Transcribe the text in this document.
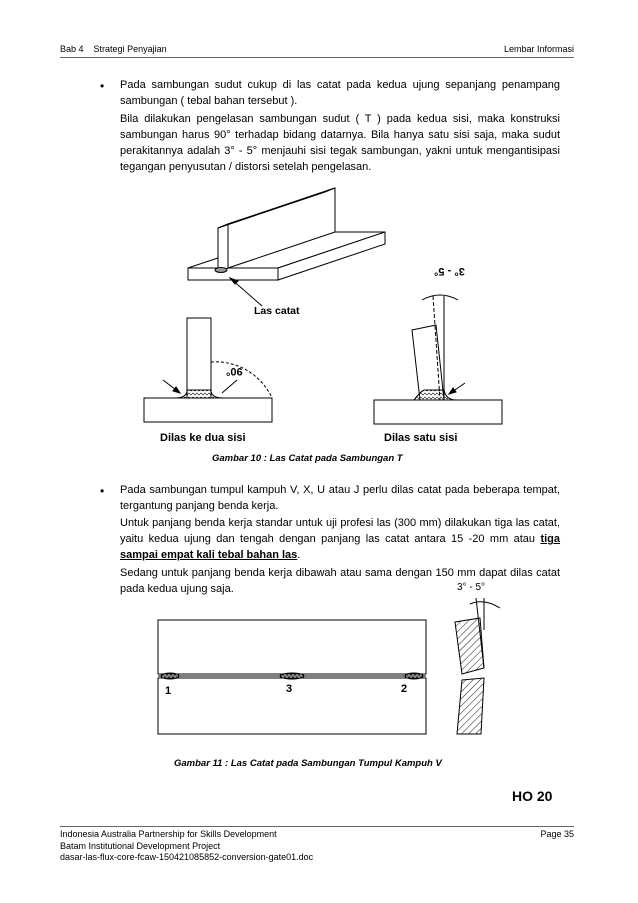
Bab 4 Strategi Penyajian	Lembar Informasi
• Pada sambungan sudut cukup di las catat pada kedua ujung sepanjang penampang sambungan ( tebal bahan tersebut ).
Bila dilakukan pengelasan sambungan sudut ( T ) pada kedua sisi, maka konstruksi sambungan harus 90° terhadap bidang datarnya. Bila hanya satu sisi saja, maka sudut perakitannya adalah 3° - 5° menjauhi sisi tegak sambungan, yakni untuk mengantisipasi tegangan penyusutan / distorsi setelah pengelasan.
Las catat
90°
3° - 5°
Dilas ke dua sisi	Dilas satu sisi
Gambar 10 : Las Catat pada Sambungan T
• Pada sambungan tumpul kampuh V, X, U atau J perlu dilas catat pada beberapa tempat, tergantung panjang benda kerja.
Untuk panjang benda kerja standar untuk uji profesi las (300 mm) dilakukan tiga las catat, yaitu kedua ujung dan tengah dengan panjang las catat antara 15 -20 mm atau tiga sampai empat kali tebal bahan las.
Sedang untuk panjang benda kerja dibawah atau sama dengan 150 mm dapat dilas catat pada kedua ujung saja.	3° - 5°
1	3	2
Gambar 11 : Las Catat pada Sambungan Tumpul Kampuh V
HO 20
Indonesia Australia Partnership for Skills Development
Batam Institutional Development Project
dasar-las-flux-core-fcaw-150421085852-conversion-gate01.doc
Page 35
